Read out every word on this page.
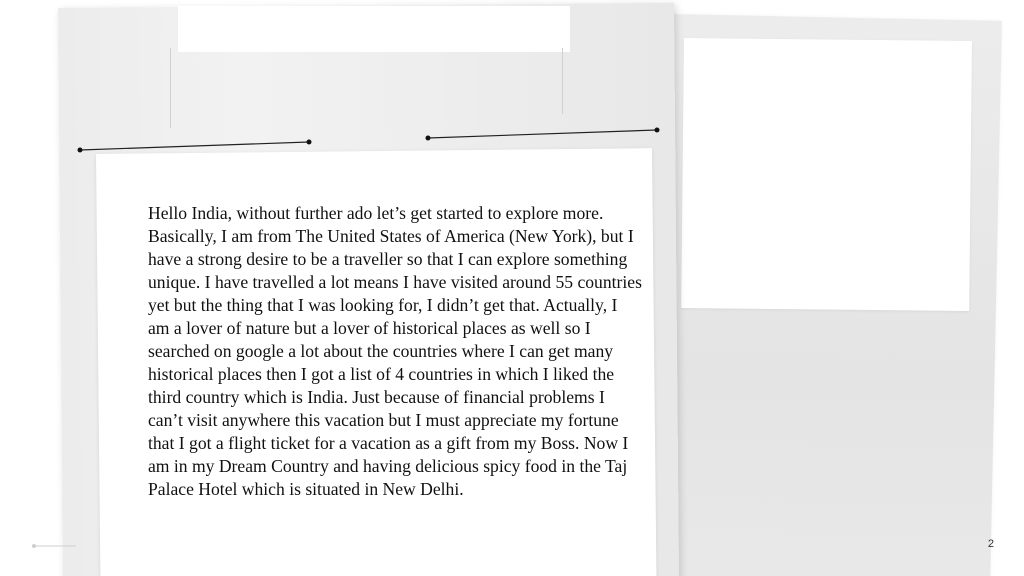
Hello India, without further ado let’s get started to explore more. Basically, I am from The United States of America (New York), but I have a strong desire to be a traveller so that I can explore something unique. I have travelled a lot means I have visited around 55 countries yet but the thing that I was looking for, I didn’t get that. Actually, I am a lover of nature but a lover of historical places as well so I searched on google a lot about the countries where I can get many historical places then I got a list of 4 countries in which I liked the third country which is India. Just because of financial problems I can’t visit anywhere this vacation but I must appreciate my fortune that I got a flight ticket for a vacation as a gift from my Boss. Now I am in my Dream Country and having delicious spicy food in the Taj Palace Hotel which is situated in New Delhi.

2
